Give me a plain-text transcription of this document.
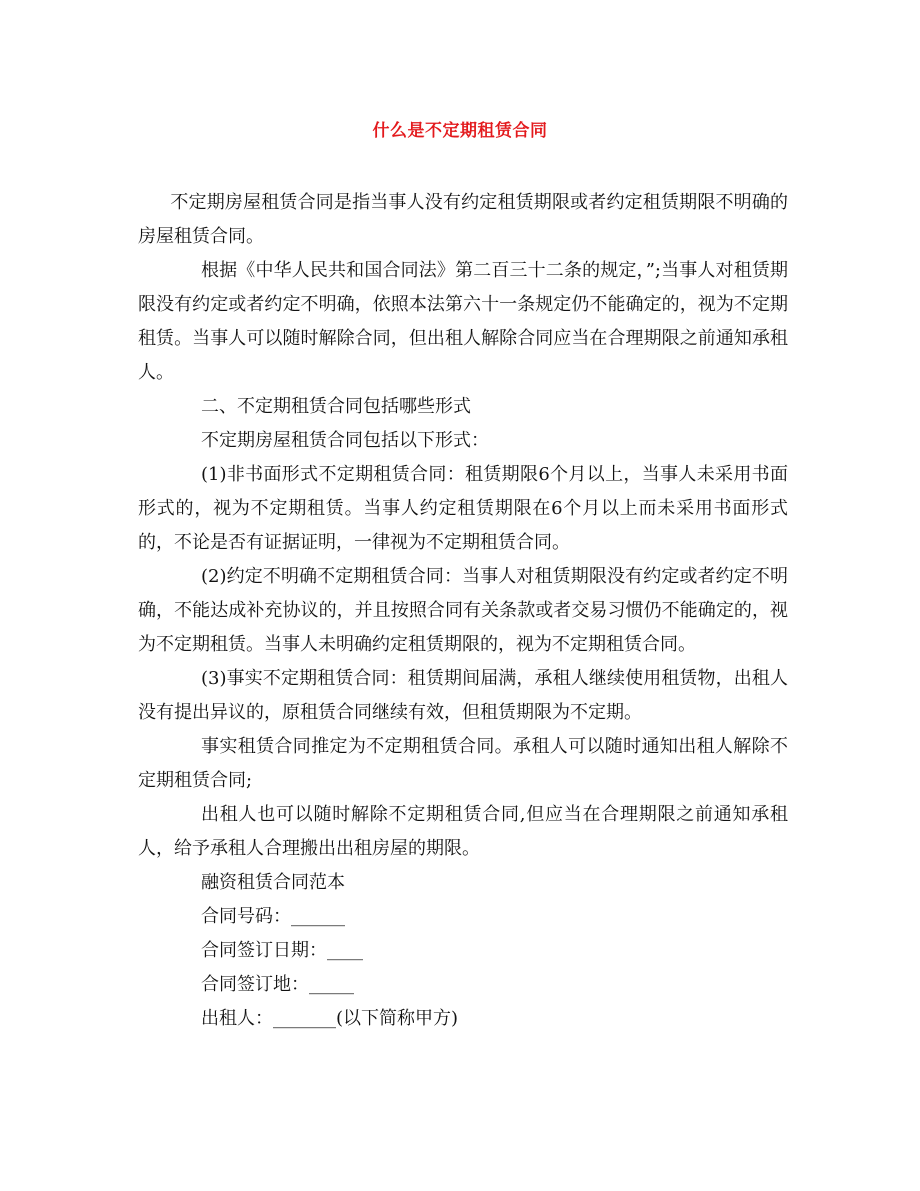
什么是不定期租赁合同

不定期房屋租赁合同是指当事人没有约定租赁期限或者约定租赁期限不明确的房屋租赁合同。

根据《中华人民共和国合同法》第二百三十二条的规定，”;当事人对租赁期限没有约定或者约定不明确，依照本法第六十一条规定仍不能确定的，视为不定期租赁。当事人可以随时解除合同，但出租人解除合同应当在合理期限之前通知承租人。

二、不定期租赁合同包括哪些形式

不定期房屋租赁合同包括以下形式：

(1)非书面形式不定期租赁合同：租赁期限6个月以上，当事人未采用书面形式的，视为不定期租赁。当事人约定租赁期限在6个月以上而未采用书面形式的，不论是否有证据证明，一律视为不定期租赁合同。

(2)约定不明确不定期租赁合同：当事人对租赁期限没有约定或者约定不明确，不能达成补充协议的，并且按照合同有关条款或者交易习惯仍不能确定的，视为不定期租赁。当事人未明确约定租赁期限的，视为不定期租赁合同。

(3)事实不定期租赁合同：租赁期间届满，承租人继续使用租赁物，出租人没有提出异议的，原租赁合同继续有效，但租赁期限为不定期。

事实租赁合同推定为不定期租赁合同。承租人可以随时通知出租人解除不定期租赁合同;

出租人也可以随时解除不定期租赁合同,但应当在合理期限之前通知承租人，给予承租人合理搬出出租房屋的期限。

融资租赁合同范本

合同号码：______

合同签订日期：____

合同签订地：_____

出租人：_______(以下简称甲方)
